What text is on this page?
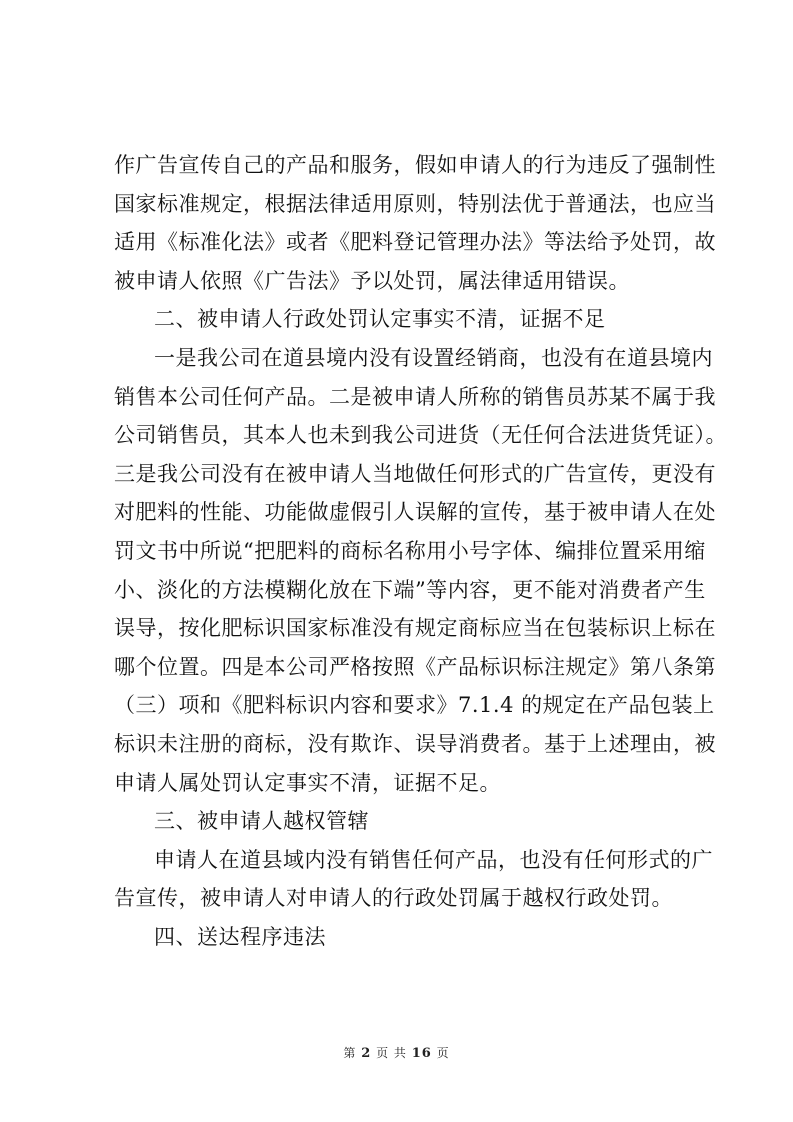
作广告宣传自己的产品和服务，假如申请人的行为违反了强制性
国家标准规定，根据法律适用原则，特别法优于普通法，也应当
适用《标准化法》或者《肥料登记管理办法》等法给予处罚，故
被申请人依照《广告法》予以处罚，属法律适用错误。
二、被申请人行政处罚认定事实不清，证据不足
一是我公司在道县境内没有设置经销商，也没有在道县境内
销售本公司任何产品。二是被申请人所称的销售员苏某不属于我
公司销售员，其本人也未到我公司进货（无任何合法进货凭证）。
三是我公司没有在被申请人当地做任何形式的广告宣传，更没有
对肥料的性能、功能做虚假引人误解的宣传，基于被申请人在处
罚文书中所说“把肥料的商标名称用小号字体、编排位置采用缩
小、淡化的方法模糊化放在下端”等内容，更不能对消费者产生
误导，按化肥标识国家标准没有规定商标应当在包装标识上标在
哪个位置。四是本公司严格按照《产品标识标注规定》第八条第
（三）项和《肥料标识内容和要求》7.1.4 的规定在产品包装上
标识未注册的商标，没有欺诈、误导消费者。基于上述理由，被
申请人属处罚认定事实不清，证据不足。
三、被申请人越权管辖
申请人在道县域内没有销售任何产品，也没有任何形式的广
告宣传，被申请人对申请人的行政处罚属于越权行政处罚。
四、送达程序违法
第 2 页 共 16 页
